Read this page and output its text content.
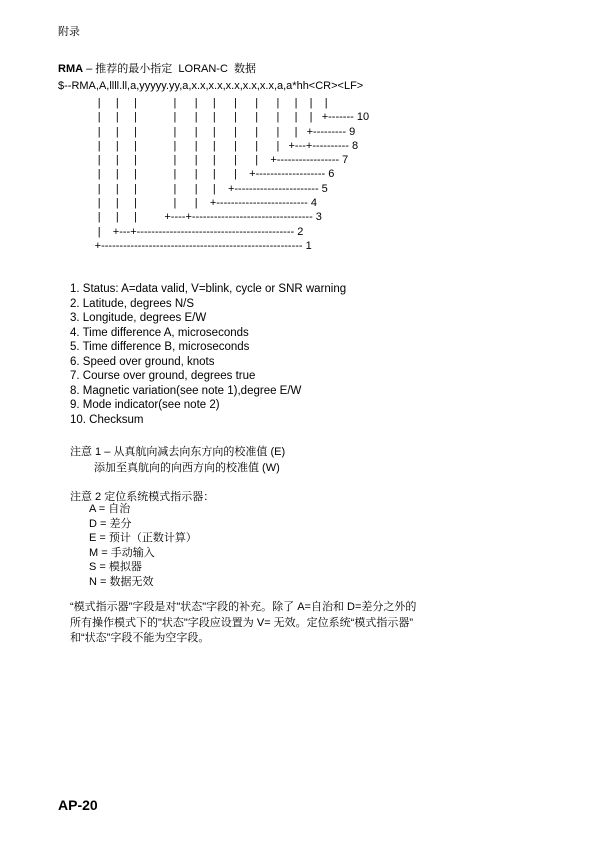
附录
RMA – 推荐的最小指定  LORAN-C  数据
$--RMA,A,llll.ll,a,yyyyy.yy,a,x.x,x.x,x.x,x.x,x.x,a,a*hh<CR><LF>
|     |     |            |      |     |      |      |      |     |    |    |
|     |     |            |      |     |      |      |      |     |    |   +------- 10
|     |     |            |      |     |      |      |      |     |   +--------- 9
|     |     |            |      |     |      |      |      |   +---+---------- 8
|     |     |            |      |     |      |      |    +----------------- 7
|     |     |            |      |     |      |    +------------------- 6
|     |     |            |      |     |    +----------------------- 5
|     |     |            |      |    +------------------------- 4
|     |     |         +----+--------------------------------- 3
|    +---+------------------------------------------- 2
+------------------------------------------------------- 1
1. Status: A=data valid, V=blink, cycle or SNR warning
2. Latitude, degrees N/S
3. Longitude, degrees E/W
4. Time difference A, microseconds
5. Time difference B, microseconds
6. Speed over ground, knots
7. Course over ground, degrees true
8. Magnetic variation(see note 1),degree E/W
9. Mode indicator(see note 2)
10. Checksum
注意 1 – 从真航向减去向东方向的校准值 (E)
添加至真航向的向西方向的校准值 (W)
注意 2 定位系统模式指示器：
A = 自治
D = 差分
E = 预计（正数计算）
M = 手动输入
S = 模拟器
N = 数据无效
“模式指示器”字段是对"状态"字段的补充。除了 A=自治和 D=差分之外的
所有操作模式下的"状态"字段应设置为 V= 无效。定位系统“模式指示器”
和“状态”字段不能为空字段。
AP-20
